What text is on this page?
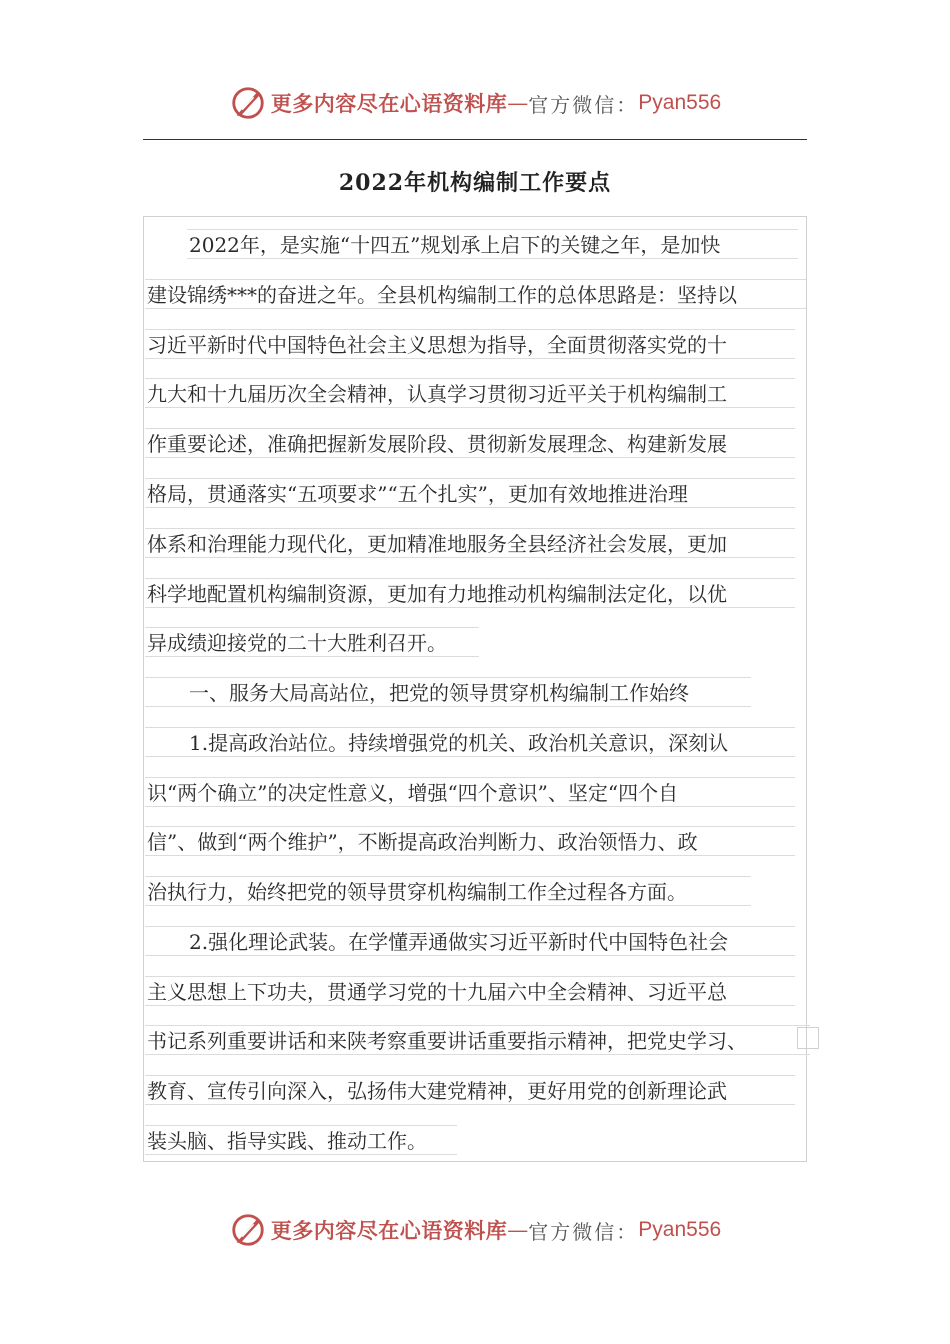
更多内容尽在心语资料库 — 官方微信： Pyan556
2022年机构编制工作要点
2022年，是实施“十四五”规划承上启下的关键之年，是加快
建设锦绣***的奋进之年。全县机构编制工作的总体思路是：坚持以
习近平新时代中国特色社会主义思想为指导，全面贯彻落实党的十
九大和十九届历次全会精神，认真学习贯彻习近平关于机构编制工
作重要论述，准确把握新发展阶段、贯彻新发展理念、构建新发展
格局，贯通落实“五项要求”“五个扎实”，更加有效地推进治理
体系和治理能力现代化，更加精准地服务全县经济社会发展，更加
科学地配置机构编制资源，更加有力地推动机构编制法定化，以优
异成绩迎接党的二十大胜利召开。
一、服务大局高站位，把党的领导贯穿机构编制工作始终
1.提高政治站位。持续增强党的机关、政治机关意识，深刻认
识“两个确立”的决定性意义，增强“四个意识”、坚定“四个自
信”、做到“两个维护”，不断提高政治判断力、政治领悟力、政
治执行力，始终把党的领导贯穿机构编制工作全过程各方面。
2.强化理论武装。在学懂弄通做实习近平新时代中国特色社会
主义思想上下功夫，贯通学习党的十九届六中全会精神、习近平总
书记系列重要讲话和来陕考察重要讲话重要指示精神，把党史学习、
教育、宣传引向深入，弘扬伟大建党精神，更好用党的创新理论武
装头脑、指导实践、推动工作。
更多内容尽在心语资料库 — 官方微信： Pyan556
